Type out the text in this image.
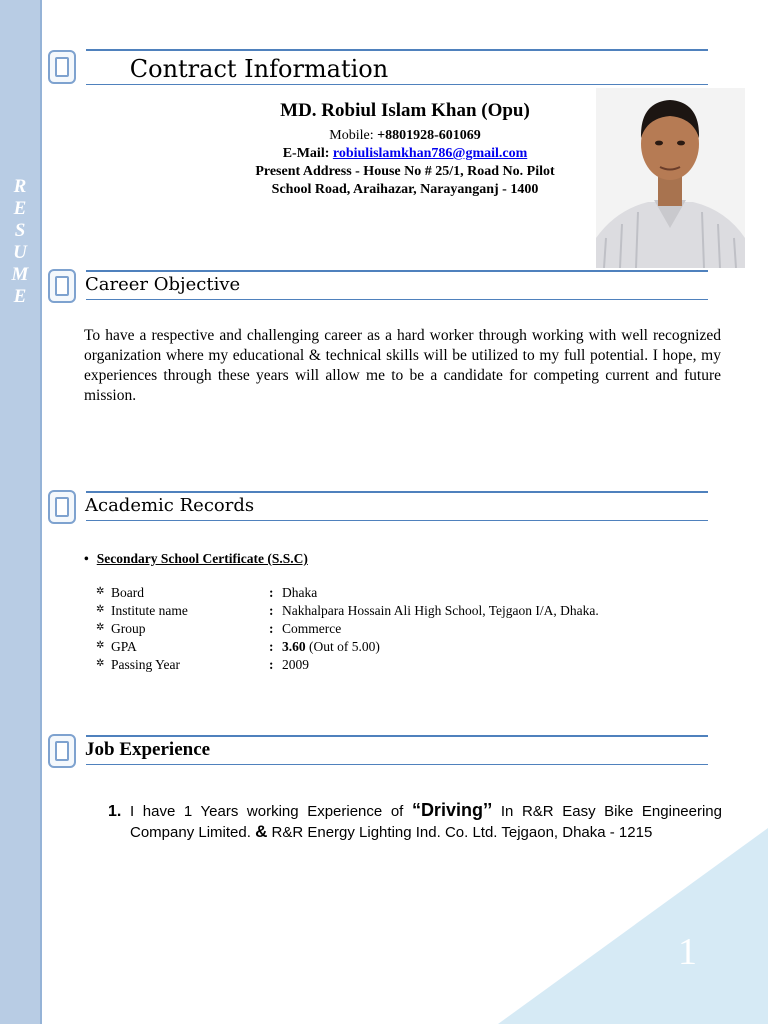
R
E
S
U
M
E
1
Contract Information
MD. Robiul Islam Khan (Opu)
Mobile: +8801928-601069
E-Mail: robiulislamkhan786@gmail.com
Present Address - House No # 25/1, Road No. Pilot
School Road, Araihazar, Narayanganj - 1400
Career Objective
To have a respective and challenging career as a hard worker through working with well recognized organization where my educational & technical skills will be utilized to my full potential. I hope, my experiences through these years will allow me to be a candidate for competing current and future mission.
Academic Records
• Secondary School Certificate (S.S.C)
✲ Board	: Dhaka
✲ Institute name	: Nakhalpara Hossain Ali High School, Tejgaon I/A, Dhaka.
✲ Group	: Commerce
✲ GPA	: 3.60 (Out of 5.00)
✲ Passing Year	: 2009
Job Experience
1. I have 1 Years working Experience of “Driving’’ In R&R Easy Bike Engineering Company Limited. & R&R Energy Lighting Ind. Co. Ltd. Tejgaon, Dhaka - 1215
